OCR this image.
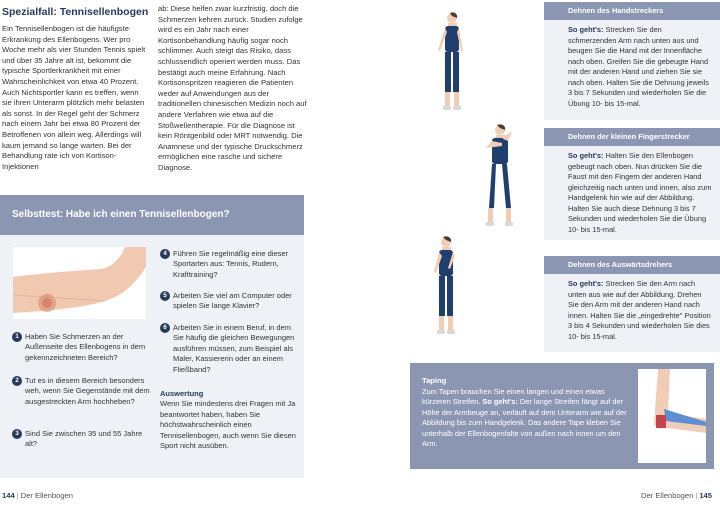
Spezialfall: Tennisellenbogen
Ein Tennisellenbogen ist die häufigste Erkrankung des Ellenbogens. Wer pro Woche mehr als vier Stunden Tennis spielt und über 35 Jahre alt ist, bekommt die typische Sportlerkrankheit mit einer Wahrscheinlichkeit von etwa 40 Prozent. Auch Nichtsportler kann es treffen, wenn sie ihren Unterarm plötzlich mehr belasten als sonst. In der Regel geht der Schmerz nach einem Jahr bei etwa 80 Prozent der Betroffenen von allein weg. Allerdings will kaum jemand so lange warten. Bei der Behandlung rate ich von Kortison-Injektionen
ab: Diese helfen zwar kurzfristig, doch die Schmerzen kehren zurück. Studien zufolge wird es ein Jahr nach einer Kortisonbehandlung häufig sogar noch schlimmer. Auch steigt das Risiko, dass schlussendlich operiert werden muss. Das bestätigt auch meine Erfahrung. Nach Kortisonspritzen reagieren die Patienten weder auf Anwendungen aus der traditionellen chinesischen Medizin noch auf andere Verfahren wie etwa auf die Stoßwellentherapie. Für die Diagnose ist kein Röntgenbild oder MRT notwendig. Die Anamnese und der typische Druckschmerz ermöglichen eine rasche und sichere Diagnose.
Selbsttest: Habe ich einen Tennisellenbogen?
1 Haben Sie Schmerzen an der Außenseite des Ellenbogens in dem gekennzeichneten Bereich?
2 Tut es in diesem Bereich besonders weh, wenn Sie Gegenstände mit dem ausgestreckten Arm hochheben?
3 Sind Sie zwischen 35 und 55 Jahre alt?
4 Führen Sie regelmäßig eine dieser Sportarten aus: Tennis, Rudern, Krafttraining?
5 Arbeiten Sie viel am Computer oder spielen Sie lange Klavier?
6 Arbeiten Sie in einem Beruf, in dem Sie häufig die gleichen Bewegungen ausführen müssen, zum Beispiel als Maler, Kassiererin oder an einem Fließband?
Auswertung
Wenn Sie mindestens drei Fragen mit Ja beantwortet haben, haben Sie höchstwahrscheinlich einen Tennisellenbogen, auch wenn Sie diesen Sport nicht ausüben.
144 | Der Ellenbogen
Dehnen des Handstreckers
So geht's: Strecken Sie den schmerzenden Arm nach unten aus und beugen Sie die Hand mit der Innenfläche nach oben. Greifen Sie die gebeugte Hand mit der anderen Hand und ziehen Sie sie nach oben. Halten Sie die Dehnung jeweils 3 bis 7 Sekunden und wiederholen Sie die Übung 10- bis 15-mal.
Dehnen der kleinen Fingerstrecker
So geht's: Halten Sie den Ellenbogen gebeugt nach oben. Nun drücken Sie die Faust mit den Fingern der anderen Hand gleichzeitig nach unten und innen, also zum Handgelenk hin wie auf der Abbildung. Halten Sie auch diese Dehnung 3 bis 7 Sekunden und wiederholen Sie die Übung 10- bis 15-mal.
Dehnen des Auswärtsdrehers
So geht's: Strecken Sie den Arm nach unten aus wie auf der Abbildung. Drehen Sie den Arm mit der anderen Hand nach innen. Halten Sie die „eingedrehte" Position 3 bis 4 Sekunden und wiederholen Sie dies 10- bis 15-mal.
Taping
Zum Tapen brauchen Sie einen langen und einen etwas kürzeren Streifen. So geht's: Der lange Streifen fängt auf der Höhe der Armbeuge an, verläuft auf dem Unterarm wie auf der Abbildung bis zum Handgelenk. Das andere Tape kleben Sie unterhalb der Ellenbogenfalte von außen nach innen um den Arm.
Der Ellenbogen | 145
